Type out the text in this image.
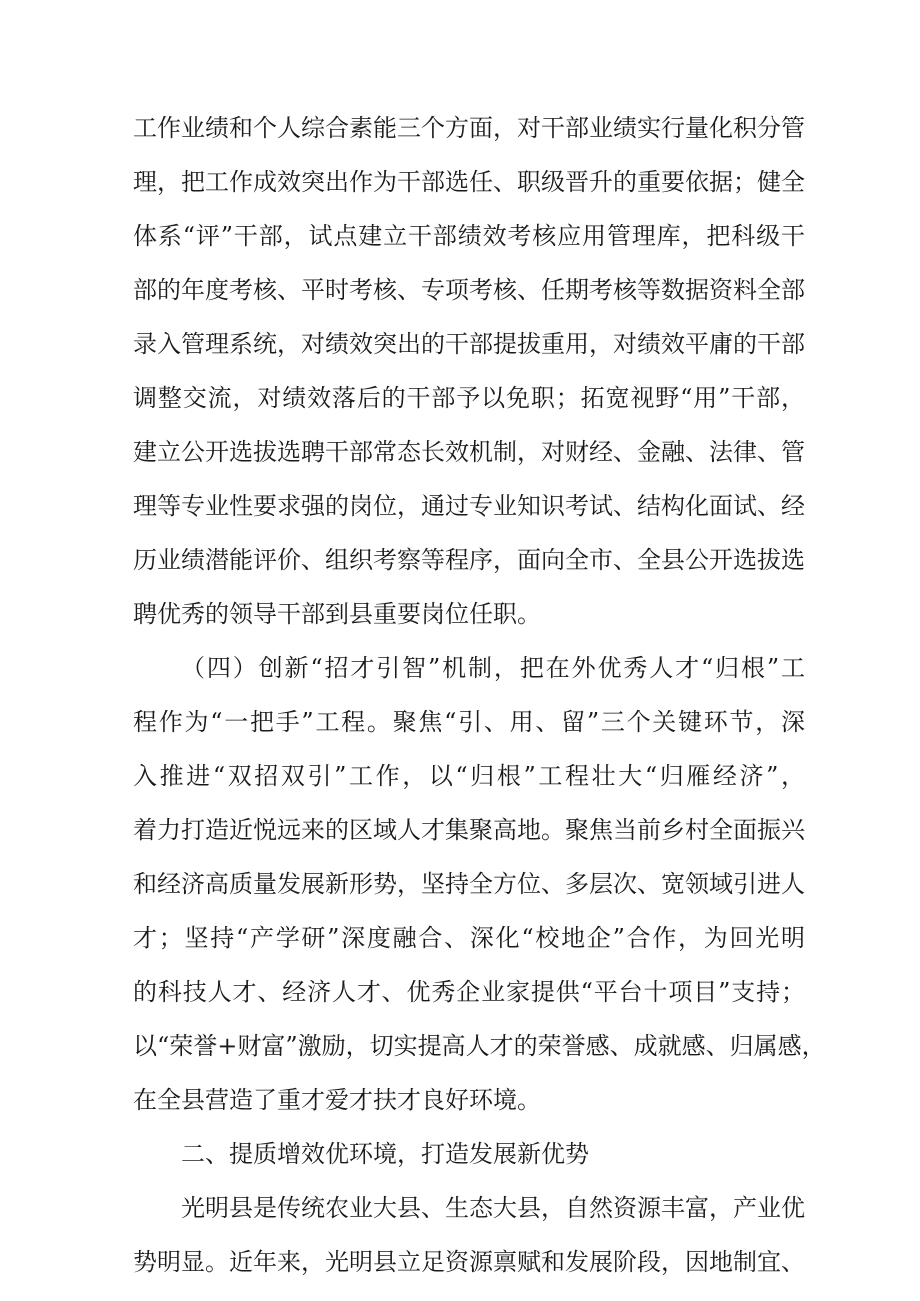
工作业绩和个人综合素能三个方面，对干部业绩实行量化积分管
理，把工作成效突出作为干部选任、职级晋升的重要依据；健全
体系“评”干部，试点建立干部绩效考核应用管理库，把科级干
部的年度考核、平时考核、专项考核、任期考核等数据资料全部
录入管理系统，对绩效突出的干部提拔重用，对绩效平庸的干部
调整交流，对绩效落后的干部予以免职；拓宽视野“用”干部，
建立公开选拔选聘干部常态长效机制，对财经、金融、法律、管
理等专业性要求强的岗位，通过专业知识考试、结构化面试、经
历业绩潜能评价、组织考察等程序，面向全市、全县公开选拔选
聘优秀的领导干部到县重要岗位任职。
（四）创新“招才引智”机制，把在外优秀人才“归根”工
程作为“一把手”工程。聚焦“引、用、留”三个关键环节，深
入推进“双招双引”工作，以“归根”工程壮大“归雁经济”，
着力打造近悦远来的区域人才集聚高地。聚焦当前乡村全面振兴
和经济高质量发展新形势，坚持全方位、多层次、宽领域引进人
才；坚持“产学研”深度融合、深化“校地企”合作，为回光明
的科技人才、经济人才、优秀企业家提供“平台十项目”支持；
以“荣誉+财富”激励，切实提高人才的荣誉感、成就感、归属感，
在全县营造了重才爱才扶才良好环境。
二、提质增效优环境，打造发展新优势
光明县是传统农业大县、生态大县，自然资源丰富，产业优
势明显。近年来，光明县立足资源禀赋和发展阶段，因地制宜、
